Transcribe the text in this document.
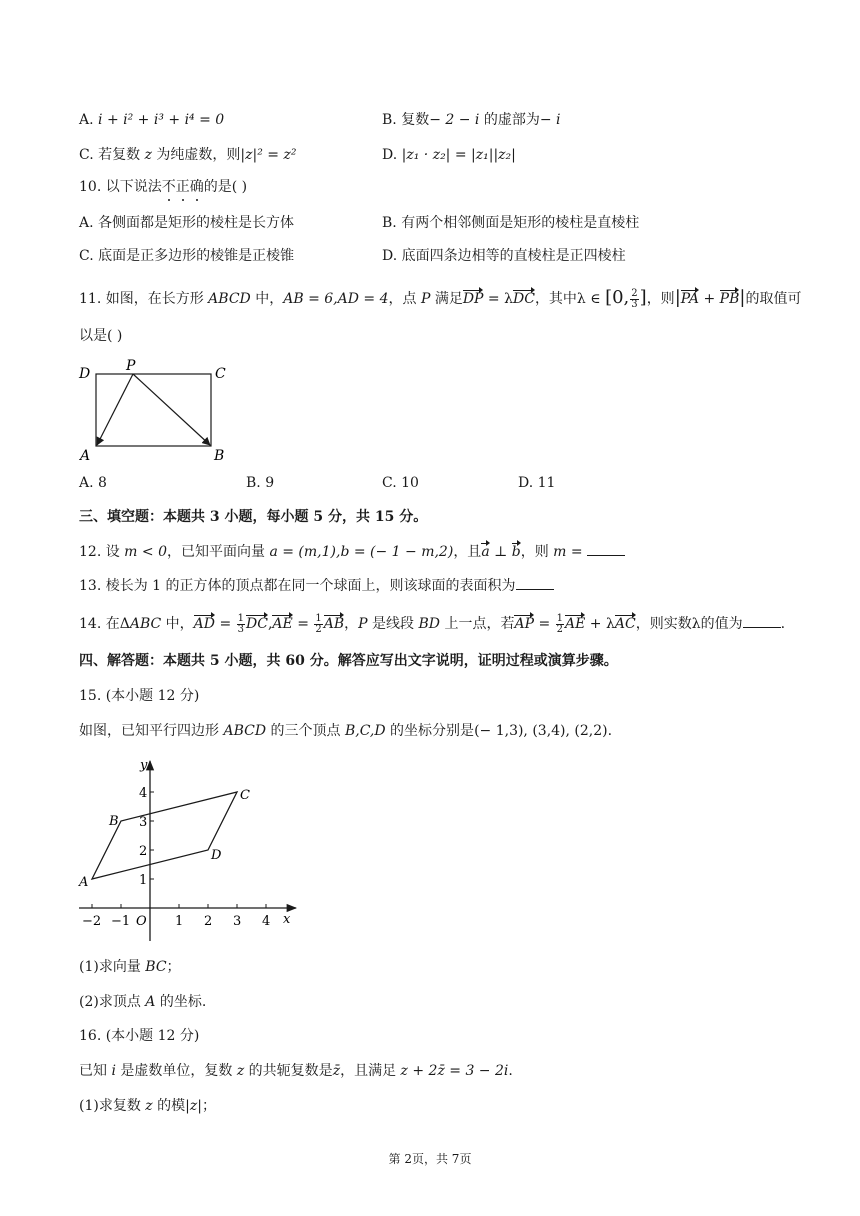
A. i + i² + i³ + i⁴ = 0	B. 复数− 2 − i 的虚部为− i
C. 若复数 z 为纯虚数，则|z|² = z²	D. |z₁ · z₂| = |z₁||z₂|
10. 以下说法不正确的是( )
A. 各侧面都是矩形的棱柱是长方体	B. 有两个相邻侧面是矩形的棱柱是直棱柱
C. 底面是正多边形的棱锥是正棱锥	D. 底面四条边相等的直棱柱是正四棱柱
11. 如图，在长方形 ABCD 中，AB = 6,AD = 4，点 P 满足DP = λDC，其中λ ∈ [0, $\frac{2}{3}$ ]，则|PA + PB|的取值可
以是( )
D	P	C
A	B
A. 8	B. 9	C. 10	D. 11
三、填空题：本题共 3 小题，每小题 5 分，共 15 分。
12. 设 m < 0，已知平面向量 a = (m,1),b = (− 1 − m,2)，且a ⊥ b，则 m =
13. 棱长为 1 的正方体的顶点都在同一个球面上，则该球面的表面积为
14. 在ΔABC 中，AD = $\frac{1}{3} DC,AE = \frac{1}{2}$ AB，P 是线段 BD 上一点，若AP = $\frac{1}{2}$ AE + λAC，则实数λ的值为	.
四、解答题：本题共 5 小题，共 60 分。解答应写出文字说明，证明过程或演算步骤。
15. (本小题 12 分)
如图，已知平行四边形 ABCD 的三个顶点 B,C,D 的坐标分别是(− 1,3), (3,4), (2,2).
−2 −1 O 1 2 3 4 x
1
2
3
4
y
A
B
C
D
(1)求向量 BC；
(2)求顶点 A 的坐标.
16. (本小题 12 分)
已知 i 是虚数单位，复数 z 的共轭复数是z̄，且满足 z + 2z̄ = 3 − 2i.
(1)求复数 z 的模|z|；
第 2页，共 7页
